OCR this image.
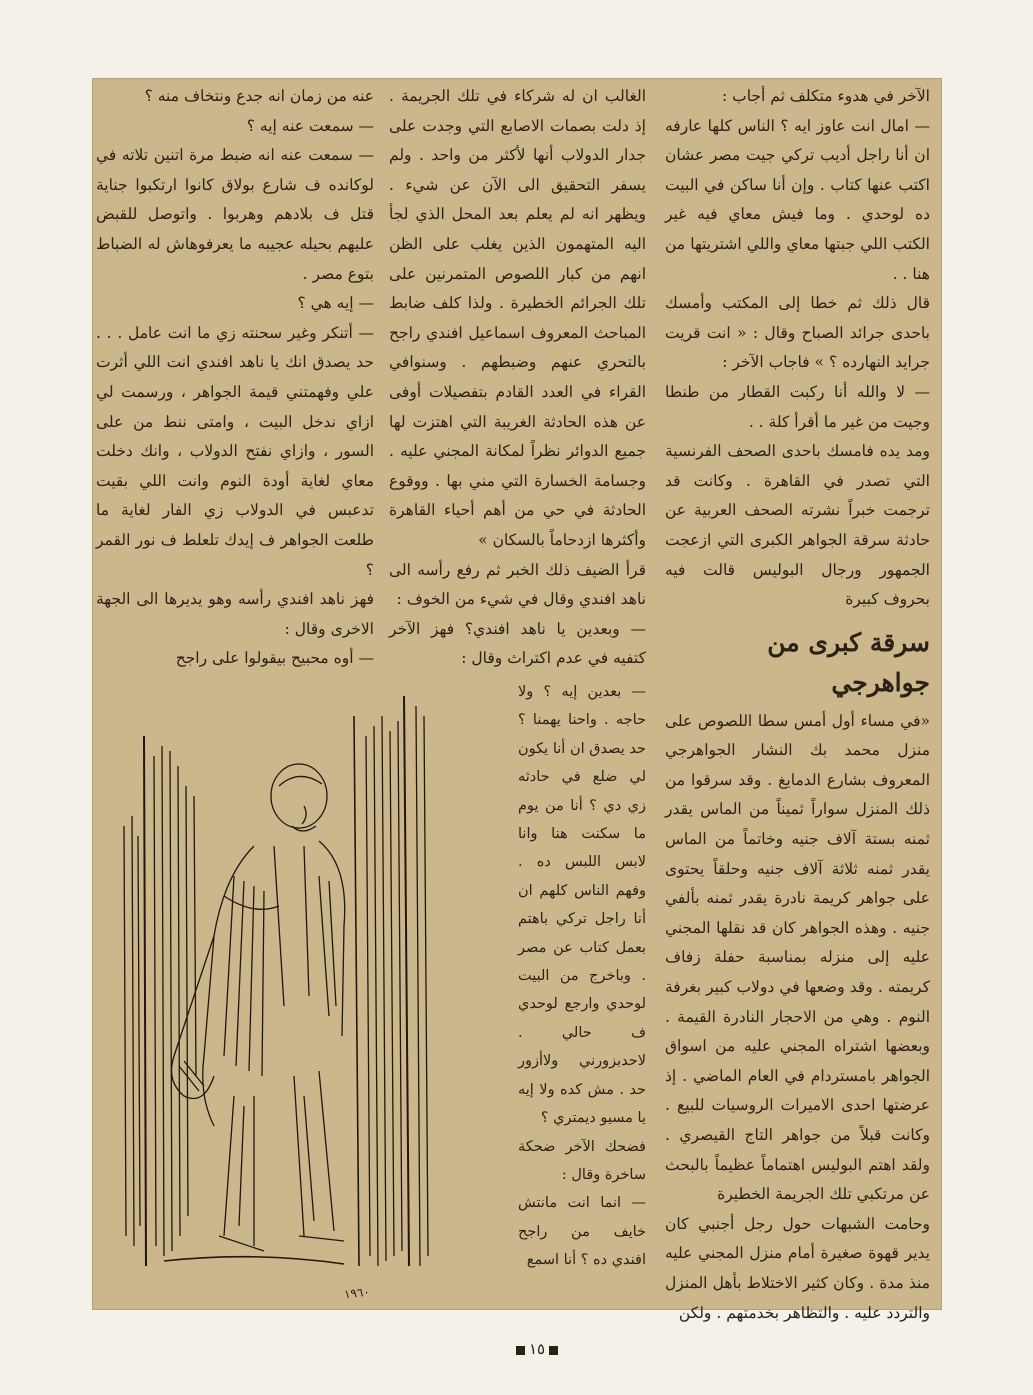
الآخر في هدوء متكلف ثم أجاب :

— امال انت عاوز ايه ؟ الناس كلها عارفه ان أنا راجل أديب تركي جيت مصر عشان اكتب عنها كتاب . وإن أنا ساكن في البيت ده لوحدي . وما فيش معاي فيه غير الكتب اللي جبتها معاي واللي اشتريتها من هنا . .

قال ذلك ثم خطا إلى المكتب وأمسك باحدى جرائد الصباح وقال : « انت قريت جرايد النهارده ؟ » فاجاب الآخر :

— لا والله أنا ركبت القطار من طنطا وجيت من غير ما أقرأ كلة . .

ومد يده فامسك باحدى الصحف الفرنسية التي تصدر في القاهرة . وكانت قد ترجمت خبراً نشرته الصحف العربية عن حادثة سرقة الجواهر الكبرى التي ازعجت الجمهور ورجال البوليس قالت فيه بحروف كبيرة

سرقة كبرى من جواهرجي

«في مساء أول أمس سطا اللصوص على منزل محمد بك النشار الجواهرجي المعروف بشارع الدمايغ . وقد سرقوا من ذلك المنزل سواراً ثميناً من الماس يقدر ثمنه بستة آلاف جنيه وخاتماً من الماس يقدر ثمنه ثلاثة آلاف جنيه وحلقاً يحتوى على جواهر كريمة نادرة يقدر ثمنه بألفي جنيه . وهذه الجواهر كان قد نقلها المجني عليه إلى منزله بمناسبة حفلة زفاف كريمته . وقد وضعها في دولاب كبير بغرفة النوم . وهي من الاحجار النادرة القيمة . وبعضها اشتراه المجني عليه من اسواق الجواهر بامستردام في العام الماضي . إذ عرضتها احدى الاميرات الروسيات للبيع . وكانت قبلاً من جواهر التاج القيصري . ولقد اهتم البوليس اهتماماً عظيماً بالبحث عن مرتكبي تلك الجريمة الخطيرة

وحامت الشبهات حول رجل أجنبي كان يدير قهوة صغيرة أمام منزل المجني عليه منذ مدة . وكان كثير الاختلاط بأهل المنزل والتردد عليه . والتظاهر بخدمتهم . ولكن

الغالب ان له شركاء في تلك الجريمة . إذ دلت بصمات الاصابع التي وجدت على جدار الدولاب أنها لأكثر من واحد . ولم يسفر التحقيق الى الآن عن شيء . ويظهر انه لم يعلم بعد المحل الذي لجأ اليه المتهمون الذين يغلب على الظن انهم من كبار اللصوص المتمرنين على تلك الجرائم الخطيرة . ولذا كلف ضابط المباحث المعروف اسماعيل افندي راجح بالتحري عنهم وضبطهم . وسنوافي القراء في العدد القادم بتفصيلات أوفى عن هذه الحادثة الغريبة التي اهتزت لها جميع الدوائر نظراً لمكانة المجني عليه . وجسامة الخسارة التي مني بها . ووقوع الحادثة في حي من أهم أحياء القاهرة وأكثرها ازدحاماً بالسكان »

قرأ الضيف ذلك الخبر ثم رفع رأسه الى ناهد افندي وقال في شيء من الخوف :

— وبعدين يا ناهد افندي؟ فهز الآخر كتفيه في عدم اكتراث وقال :

— بعدين إيه ؟ ولا حاجه . واحنا يهمنا ؟ حد يصدق ان أنا يكون لي ضلع في حادثه زي دي ؟ أنا من يوم ما سكنت هنا وانا لابس اللبس ده . وفهم الناس كلهم ان أنا راجل تركي باهتم بعمل كتاب عن مصر . وباخرج من البيت لوحدي وارجع لوحدي ف حالي . لاحدبزورني ولاأزور حد . مش كده ولا إيه يا مسيو ديمتري ؟

فضحك الآخر ضحكة ساخرة وقال :

— انما انت مانتش خايف من راجح افندي ده ؟ أنا اسمع

عنه من زمان انه جدع ونتخاف منه ؟

— سمعت عنه إيه ؟

— سمعت عنه انه ضبط مرة اتنين تلاته في لوكانده ف شارع بولاق كانوا ارتكبوا جناية قتل ف بلادهم وهربوا . واتوصل للقبض عليهم بحيله عجيبه ما يعرفوهاش له الضباط بتوع مصر .

— إيه هي ؟

— أتنكر وغير سحنته زي ما انت عامل . . . حد يصدق انك يا ناهد افندي انت اللي أثرت علي وفهمتني قيمة الجواهر ، ورسمت لي ازاي ندخل البيت ، وامتى ننط من على السور ، وازاي نفتح الدولاب ، وانك دخلت معاي لغاية أودة النوم وانت اللي بقيت تدعبس في الدولاب زي الفار لغاية ما طلعت الجواهر ف إيدك تلعلط ف نور القمر ؟

فهز ناهد افندي رأسه وهو يديرها الى الجهة الاخرى وقال :

— أوه محبيح بيقولوا على راجح

١٩٦٠
١٥
